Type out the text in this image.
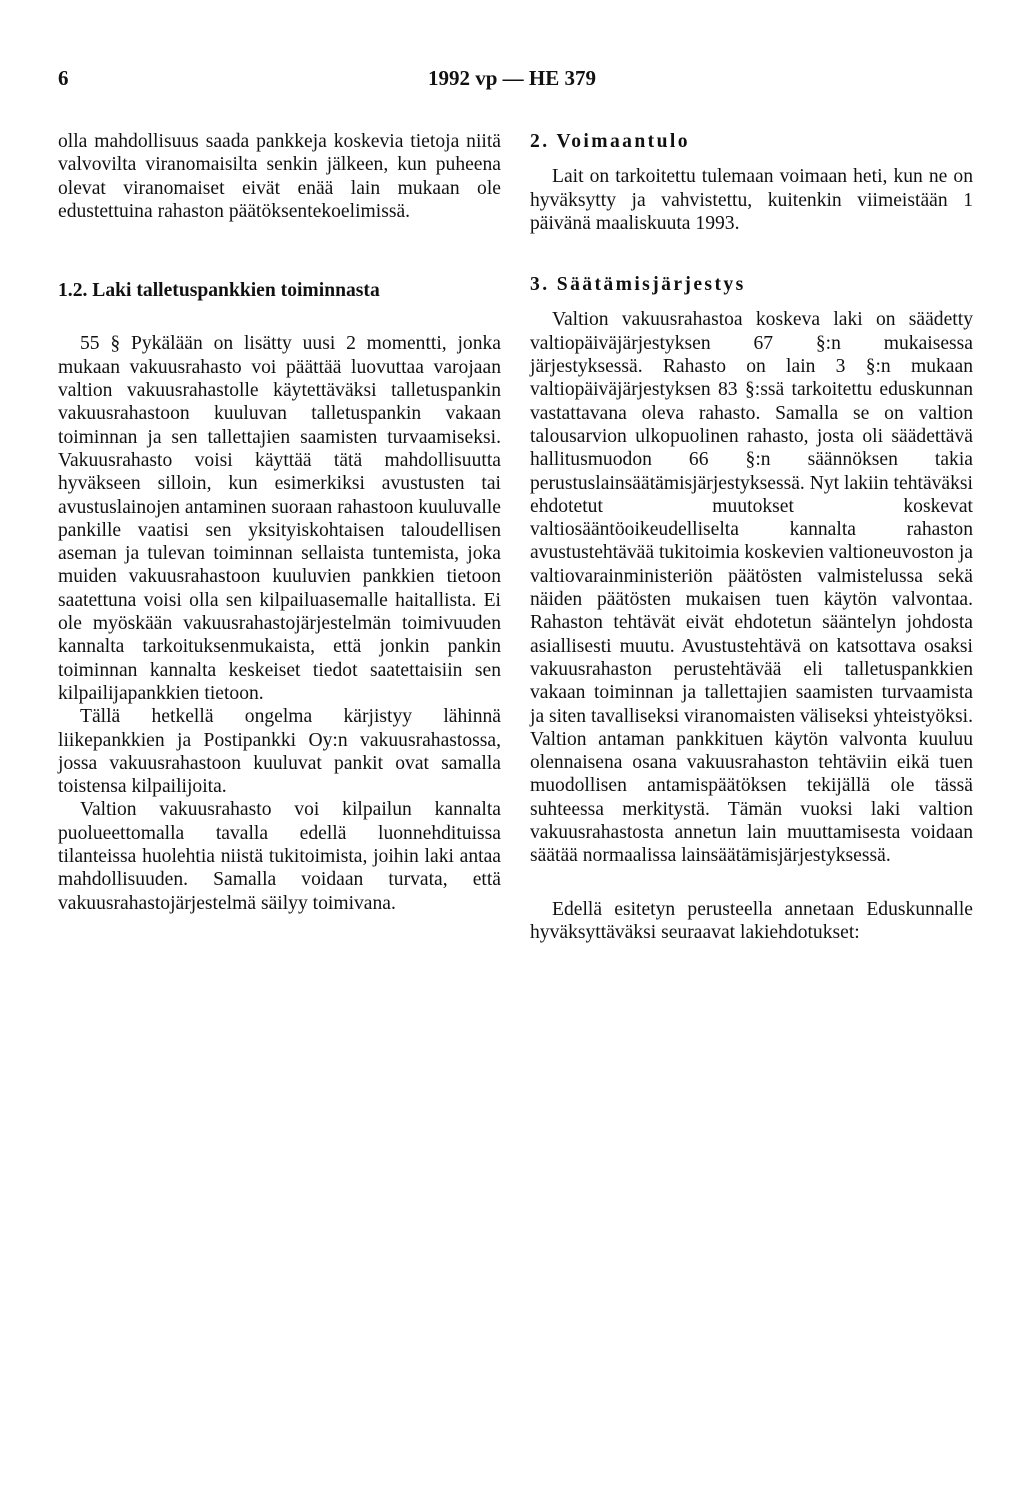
6	1992 vp — HE 379

olla mahdollisuus saada pankkeja koskevia tietoja niitä valvovilta viranomaisilta senkin jälkeen, kun puheena olevat viranomaiset eivät enää lain mukaan ole edustettuina rahaston päätöksentekoelimissä.

1.2. Laki talletuspankkien toiminnasta

55 § Pykälään on lisätty uusi 2 momentti, jonka mukaan vakuusrahasto voi päättää luovuttaa varojaan valtion vakuusrahastolle käytettäväksi talletuspankin vakuusrahastoon kuuluvan talletuspankin vakaan toiminnan ja sen tallettajien saamisten turvaamiseksi. Vakuusrahasto voisi käyttää tätä mahdollisuutta hyväkseen silloin, kun esimerkiksi avustusten tai avustuslainojen antaminen suoraan rahastoon kuuluvalle pankille vaatisi sen yksityiskohtaisen taloudellisen aseman ja tulevan toiminnan sellaista tuntemista, joka muiden vakuusrahastoon kuuluvien pankkien tietoon saatettuna voisi olla sen kilpailuasemalle haitallista. Ei ole myöskään vakuusrahastojärjestelmän toimivuuden kannalta tarkoituksenmukaista, että jonkin pankin toiminnan kannalta keskeiset tiedot saatettaisiin sen kilpailijapankkien tietoon.

Tällä hetkellä ongelma kärjistyy lähinnä liikepankkien ja Postipankki Oy:n vakuusrahastossa, jossa vakuusrahastoon kuuluvat pankit ovat samalla toistensa kilpailijoita.

Valtion vakuusrahasto voi kilpailun kannalta puolueettomalla tavalla edellä luonnehdituissa tilanteissa huolehtia niistä tukitoimista, joihin laki antaa mahdollisuuden. Samalla voidaan turvata, että vakuusrahastojärjestelmä säilyy toimivana.

2. Voimaantulo

Lait on tarkoitettu tulemaan voimaan heti, kun ne on hyväksytty ja vahvistettu, kuitenkin viimeistään 1 päivänä maaliskuuta 1993.

3. Säätämisjärjestys

Valtion vakuusrahastoa koskeva laki on säädetty valtiopäiväjärjestyksen 67 §:n mukaisessa järjestyksessä. Rahasto on lain 3 §:n mukaan valtiopäiväjärjestyksen 83 §:ssä tarkoitettu eduskunnan vastattavana oleva rahasto. Samalla se on valtion talousarvion ulkopuolinen rahasto, josta oli säädettävä hallitusmuodon 66 §:n säännöksen takia perustuslainsäätämisjärjestyksessä. Nyt lakiin tehtäväksi ehdotetut muutokset koskevat valtiosääntöoikeudelliselta kannalta rahaston avustustehtävää tukitoimia koskevien valtioneuvoston ja valtiovarainministeriön päätösten valmistelussa sekä näiden päätösten mukaisen tuen käytön valvontaa. Rahaston tehtävät eivät ehdotetun sääntelyn johdosta asiallisesti muutu. Avustustehtävä on katsottava osaksi vakuusrahaston perustehtävää eli talletuspankkien vakaan toiminnan ja tallettajien saamisten turvaamista ja siten tavalliseksi viranomaisten väliseksi yhteistyöksi. Valtion antaman pankkituen käytön valvonta kuuluu olennaisena osana vakuusrahaston tehtäviin eikä tuen muodollisen antamispäätöksen tekijällä ole tässä suhteessa merkitystä. Tämän vuoksi laki valtion vakuusrahastosta annetun lain muuttamisesta voidaan säätää normaalissa lainsäätämisjärjestyksessä.

Edellä esitetyn perusteella annetaan Eduskunnalle hyväksyttäväksi seuraavat lakiehdotukset:
